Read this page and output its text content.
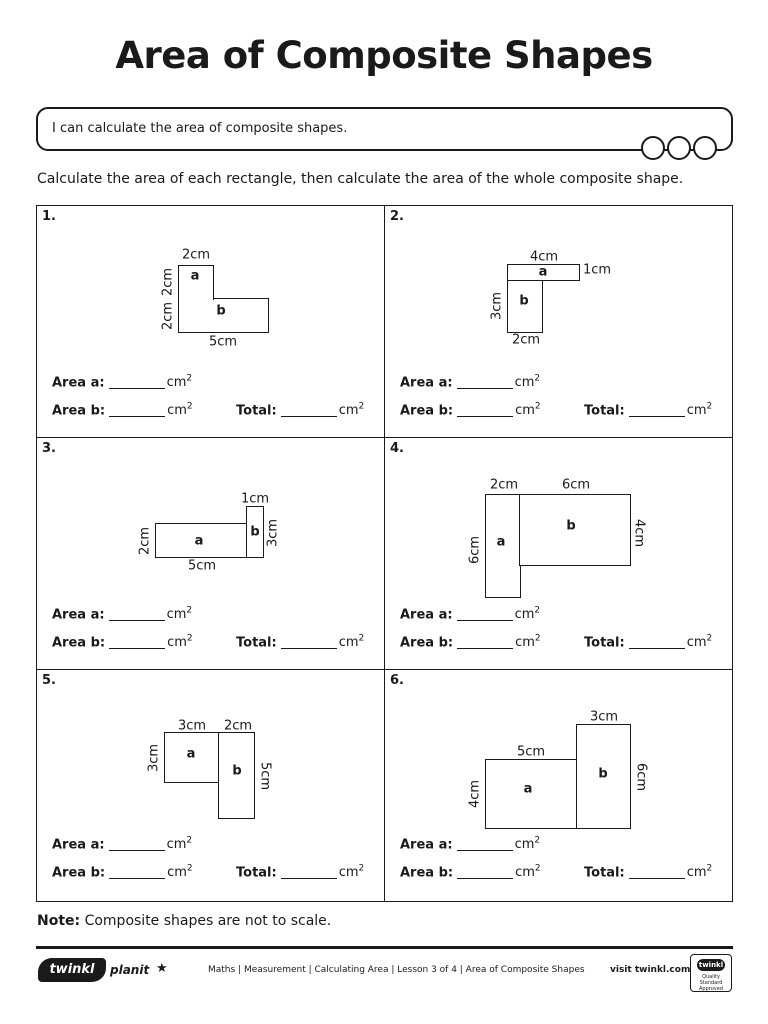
Area of Composite Shapes
I can calculate the area of composite shapes.
Calculate the area of each rectangle, then calculate the area of the whole composite shape.
1.
a
b
2cm
2cm
2cm
5cm
Area a:	$cm^2$
Area b:	$cm^2$	Total:	$cm^2$
2.
a
b
4cm
1cm
3cm
2cm
Area a:	$cm^2$
Area b:	$cm^2$	Total:	$cm^2$
3.
a
b
1cm
2cm	3cm
5cm
Area a:	$cm^2$
Area b:	$cm^2$	Total:	$cm^2$
4.
a
b
2cm	6cm
6cm
4cm
Area a:	$cm^2$
Area b:	$cm^2$	Total:	$cm^2$
5.
a
b
3cm 2cm
3cm
5cm
Area a:	$cm^2$
Area b:	$cm^2$	Total:	$cm^2$
6.
a
b
3cm
5cm
4cm
6cm
Area a:	$cm^2$
Area b:	$cm^2$	Total:	$cm^2$
Note: Composite shapes are not to scale.
twinkl	planit ★	Maths | Measurement | Calculating Area | Lesson 3 of 4 | Area of Composite Shapes	visit twinkl.com twinkl
Quality Standard Approved
